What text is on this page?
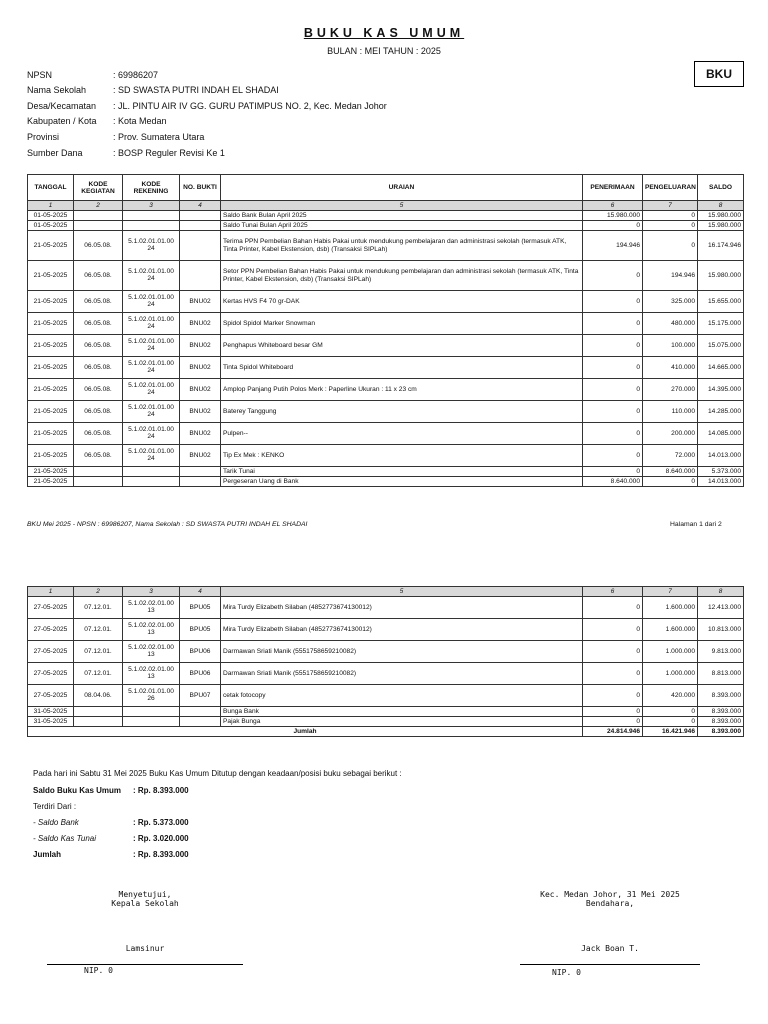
BUKU KAS UMUM
BULAN : MEI TAHUN : 2025
BKU
NPSN	: 69986207
Nama Sekolah	: SD SWASTA PUTRI INDAH EL SHADAI
Desa/Kecamatan : JL. PINTU AIR IV GG. GURU PATIMPUS NO. 2, Kec. Medan Johor
Kabupaten / Kota : Kota Medan
Provinsi	: Prov. Sumatera Utara
Sumber Dana	: BOSP Reguler Revisi Ke 1
TANGGAL	KODE KEGIATAN	KODE REKENING	NO. BUKTI	URAIAN	PENERIMAAN	PENGELUARAN	SALDO
1	2	3	4	5	6	7	8
01-05-2025				Saldo Bank Bulan April 2025	15.980.000	0	15.980.000
01-05-2025				Saldo Tunai Bulan April 2025	0	0	15.980.000
21-05-2025	06.05.08.	5.1.02.01.01.00 24		Terima PPN Pembelian Bahan Habis Pakai untuk mendukung pembelajaran dan administrasi sekolah (termasuk ATK, Tinta Printer, Kabel Ekstension, dsb) (Transaksi SIPLah)	194.946	0	16.174.946
21-05-2025	06.05.08.	5.1.02.01.01.00 24		Setor PPN Pembelian Bahan Habis Pakai untuk mendukung pembelajaran dan administrasi sekolah (termasuk ATK, Tinta Printer, Kabel Ekstension, dsb) (Transaksi SIPLah)	0	194.946	15.980.000
21-05-2025	06.05.08.	5.1.02.01.01.00 24	BNU02	Kertas HVS F4 70 gr-DAK	0	325.000	15.655.000
21-05-2025	06.05.08.	5.1.02.01.01.00 24	BNU02	Spidol Spidol Marker Snowman	0	480.000	15.175.000
21-05-2025	06.05.08.	5.1.02.01.01.00 24	BNU02	Penghapus Whiteboard besar GM	0	100.000	15.075.000
21-05-2025	06.05.08.	5.1.02.01.01.00 24	BNU02	Tinta Spidol Whiteboard	0	410.000	14.665.000
21-05-2025	06.05.08.	5.1.02.01.01.00 24	BNU02	Amplop Panjang Putih Polos Merk : Paperline Ukuran : 11 x 23 cm	0	270.000	14.395.000
21-05-2025	06.05.08.	5.1.02.01.01.00 24	BNU02	Baterey Tanggung	0	110.000	14.285.000
21-05-2025	06.05.08.	5.1.02.01.01.00 24	BNU02	Pulpen--	0	200.000	14.085.000
21-05-2025	06.05.08.	5.1.02.01.01.00 24	BNU02	Tip Ex Mek : KENKO	0	72.000	14.013.000
21-05-2025				Tarik Tunai	0	8.640.000	5.373.000
21-05-2025				Pergeseran Uang di Bank	8.640.000	0	14.013.000
BKU Mei 2025 - NPSN : 69986207, Nama Sekolah : SD SWASTA PUTRI INDAH EL SHADAI	Halaman 1 dari 2
1	2	3	4	5	6	7	8
27-05-2025	07.12.01.	5.1.02.02.01.00 13	BPU05	Mira Turdy Elizabeth Silaban (4852773674130012)	0	1.600.000	12.413.000
27-05-2025	07.12.01.	5.1.02.02.01.00 13	BPU05	Mira Turdy Elizabeth Silaban (4852773674130012)	0	1.600.000	10.813.000
27-05-2025	07.12.01.	5.1.02.02.01.00 13	BPU06	Darmawan Sriati Manik (5551758659210082)	0	1.000.000	9.813.000
27-05-2025	07.12.01.	5.1.02.02.01.00 13	BPU06	Darmawan Sriati Manik (5551758659210082)	0	1.000.000	8.813.000
27-05-2025	08.04.06.	5.1.02.01.01.00 26	BPU07	cetak fotocopy	0	420.000	8.393.000
31-05-2025				Bunga Bank	0	0	8.393.000
31-05-2025				Pajak Bunga	0	0	8.393.000
Jumlah					24.814.946	16.421.946	8.393.000
Pada hari ini Sabtu 31 Mei 2025 Buku Kas Umum Ditutup dengan keadaan/posisi buku sebagai berikut :
Saldo Buku Kas Umum : Rp. 8.393.000
Terdiri Dari :
- Saldo Bank	: Rp. 5.373.000
- Saldo Kas Tunai	: Rp. 3.020.000
Jumlah	: Rp. 8.393.000
Menyetujui,
Kepala Sekolah
Lamsinur
NIP. 0
Kec. Medan Johor, 31 Mei 2025
Bendahara,
Jack Boan T.
NIP. 0
